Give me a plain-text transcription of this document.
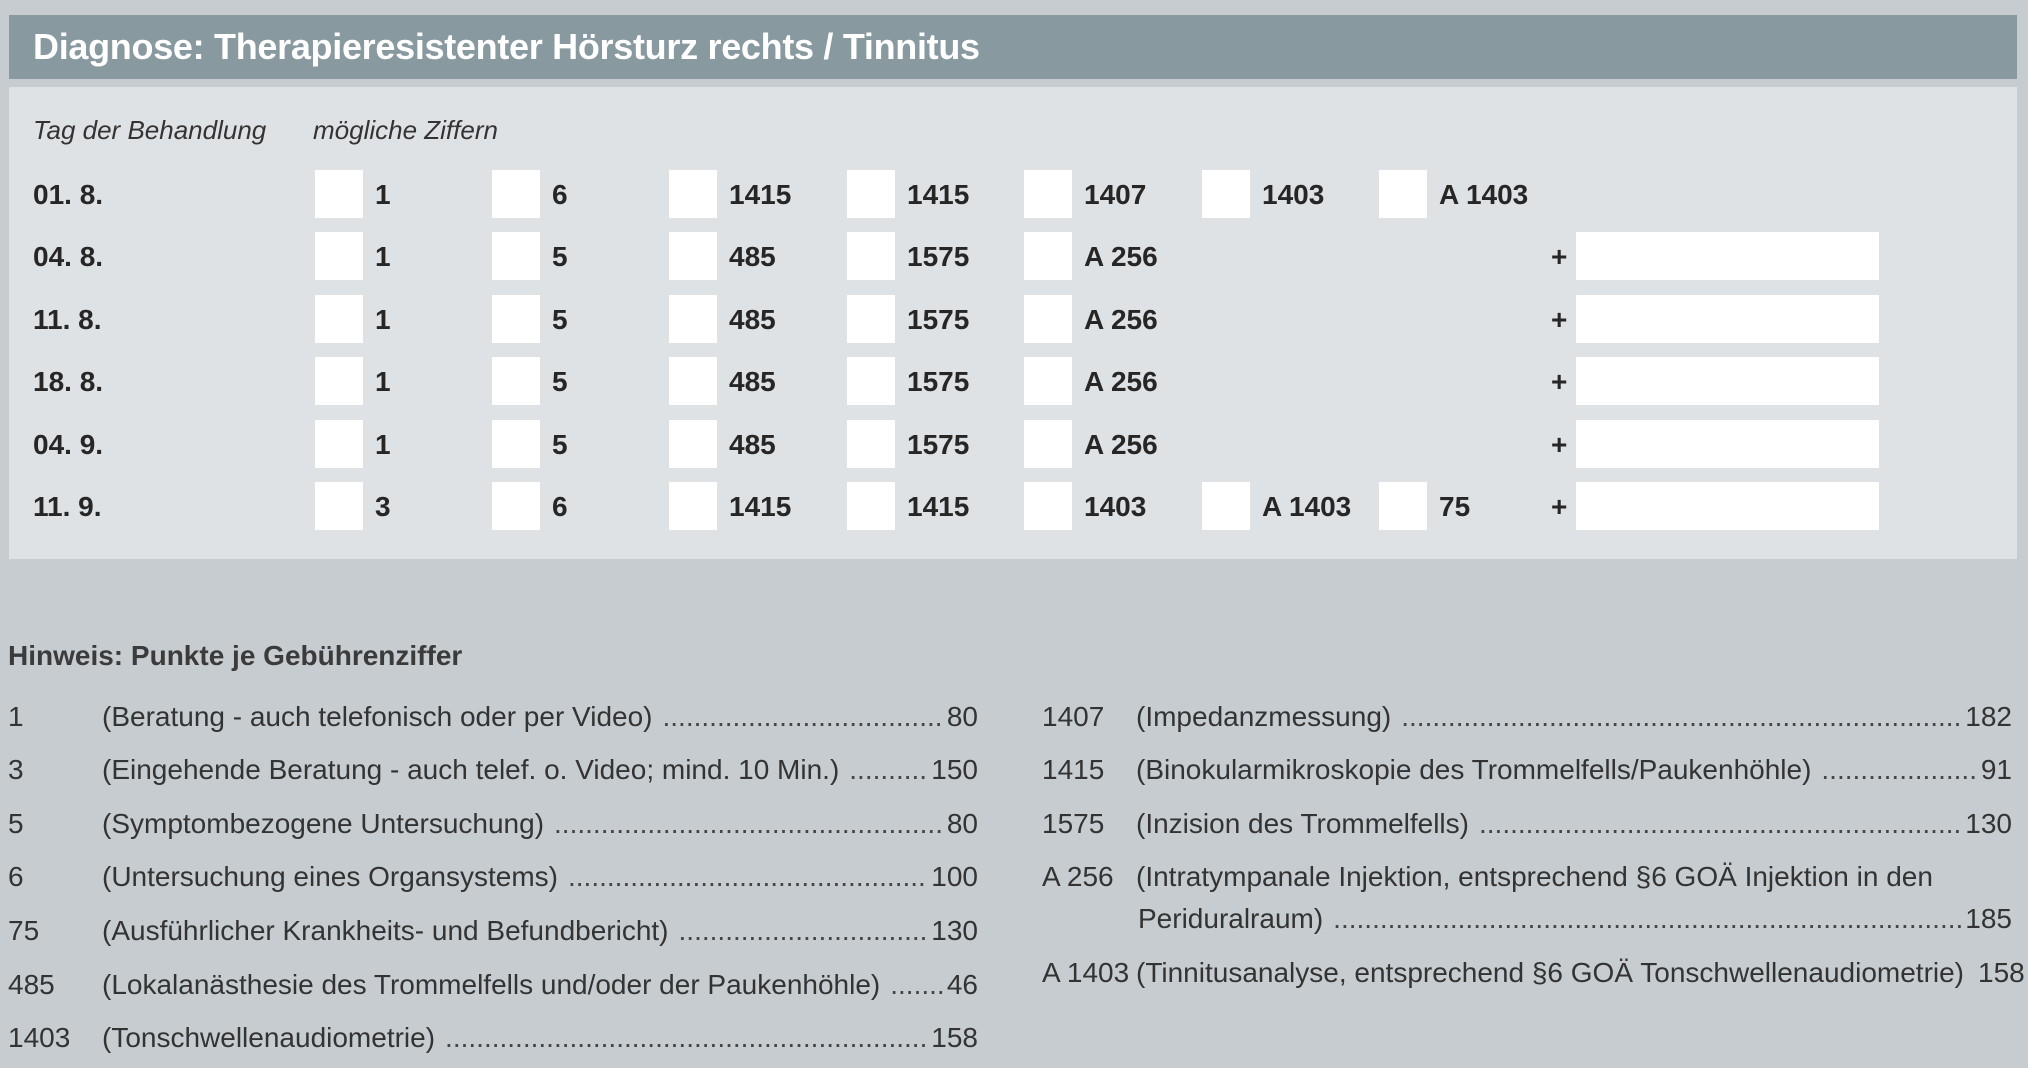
Diagnose: Therapieresistenter Hörsturz rechts / Tinnitus
Tag der Behandlung mögliche Ziffern
01. 8.	1	6	1415	1415	1407	1403	A 1403
04. 8.	1	5	485	1575	A 256	+
11. 8.	1	5	485	1575	A 256	+
18. 8.	1	5	485	1575	A 256	+
04. 9.	1	5	485	1575	A 256	+
11. 9.	3	6	1415	1415	1403	A 1403	75	+
Hinweis: Punkte je Gebührenziffer
1	(Beratung - auch telefonisch oder per Video) .....	80
3	(Eingehende Beratung - auch telef. o. Video; mind. 10 Min.) .....	150
5	(Symptombezogene Untersuchung) .....	80
6	(Untersuchung eines Organsystems) .....	100
75 (Ausführlicher Krankheits- und Befundbericht) .....	130
485 (Lokalanästhesie des Trommelfells und/oder der Paukenhöhle) ..... 46
1403 (Tonschwellenaudiometrie) .....	158
1407 (Impedanzmessung) .....	182
1415 (Binokularmikroskopie des Trommelfells/Paukenhöhle) .....	91
1575 (Inzision des Trommelfells) .....	130
A 256 (Intratympanale Injektion, entsprechend §6 GOÄ Injektion in den
Periduralraum) .....	185
A 1403 (Tinnitusanalyse, entsprechend §6 GOÄ Tonschwellenaudiometrie) 158
